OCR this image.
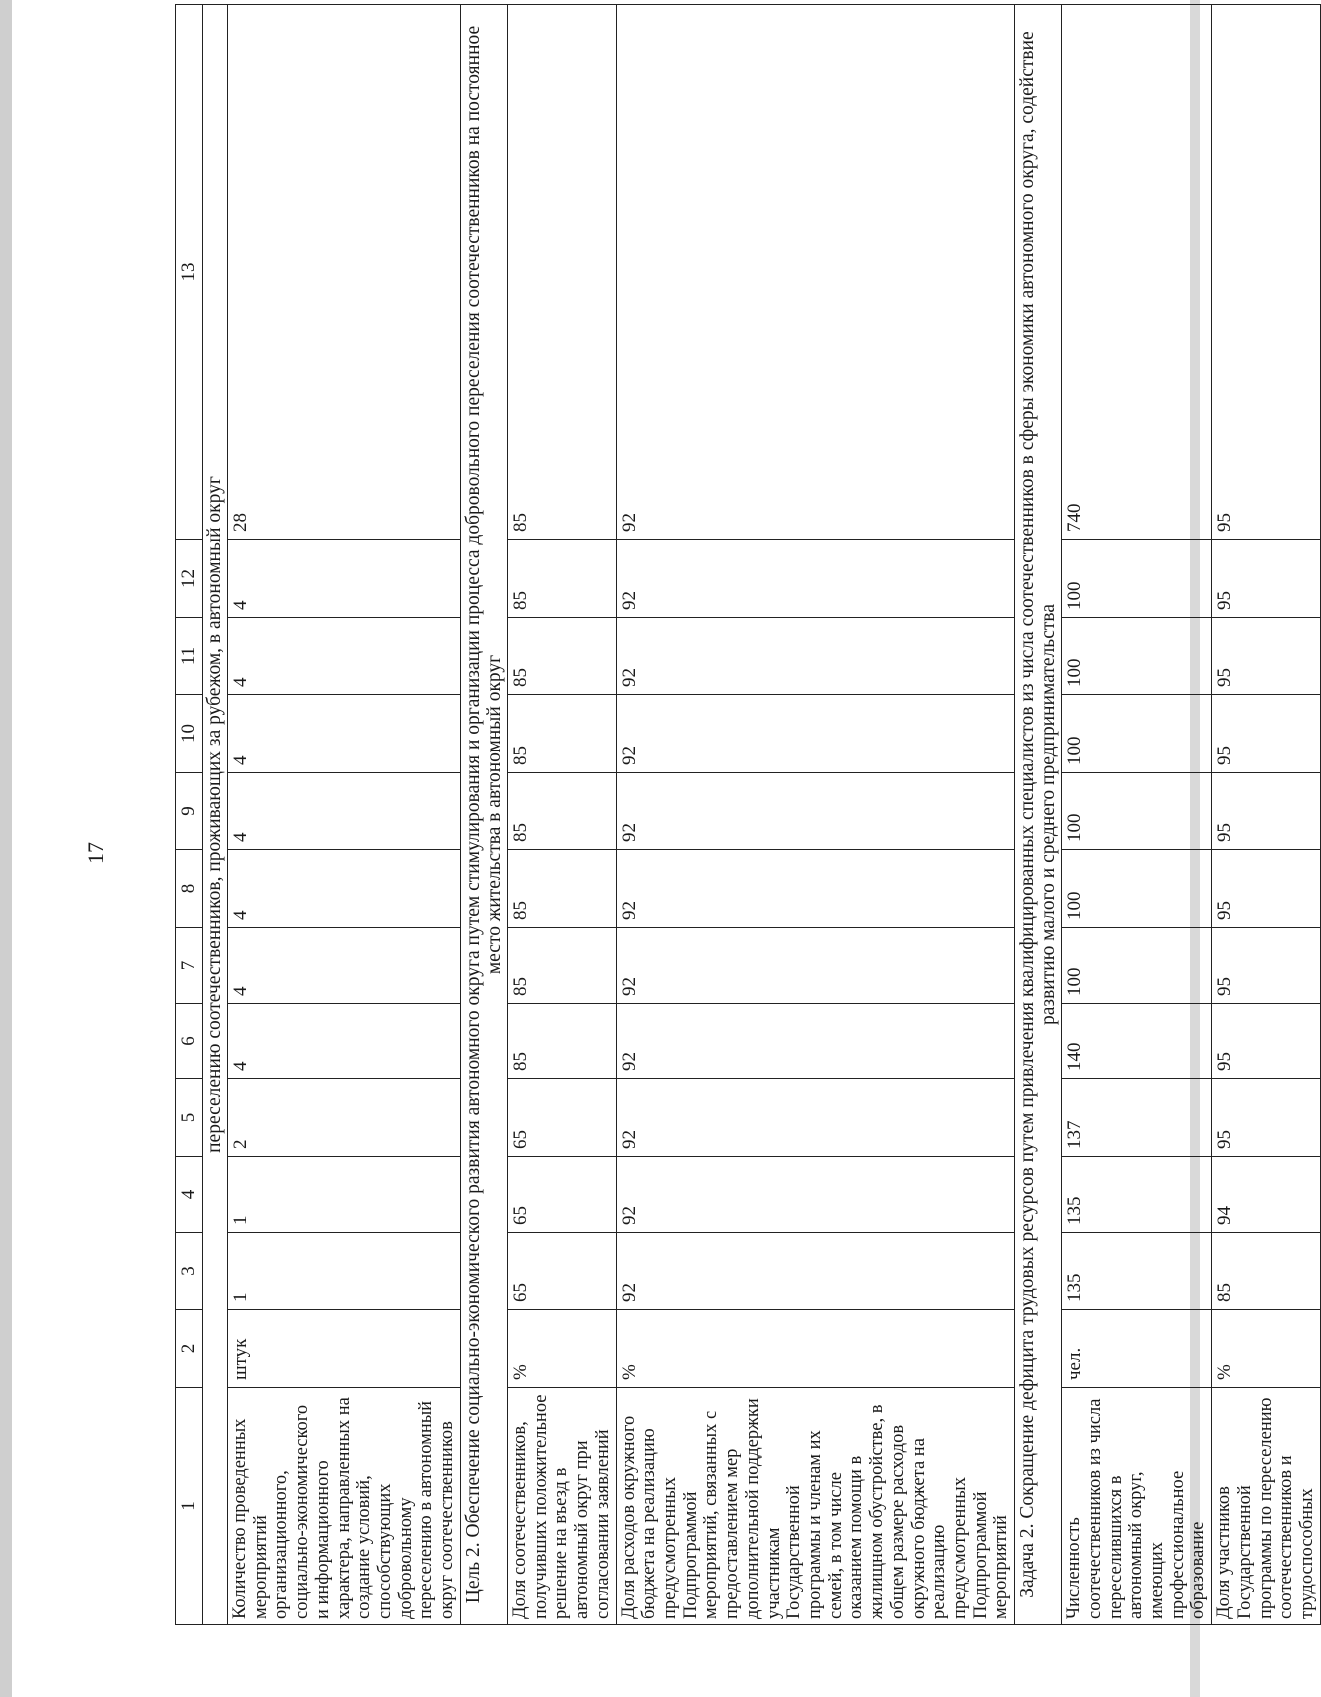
17
1	2	3	4	5	6	7	8	9	10	11	12	13
переселению соотечественников, проживающих за рубежом, в автономный округ												
Количество проведенных мероприятий организационного, социально-экономического и информационного характера, направленных на создание условий, способствующих добровольному переселению в автономный округ соотечественников	штук	1	1	2	4	4	4	4	4	4	4	28
Цель 2. Обеспечение социально-экономического развития автономного округа путем стимулирования и организации процесса добровольного переселения соотечественников на постоянное место жительства в автономный округ												
Доля соотечественников, получивших положительное решение на въезд в автономный округ при согласовании заявлений	%	65	65	65	85	85	85	85	85	85	85	85
Доля расходов окружного бюджета на реализацию предусмотренных Подпрограммой мероприятий, связанных с предоставлением мер дополнительной поддержки участникам Государственной программы и членам их семей, в том числе оказанием помощи в жилищном обустройстве, в общем размере расходов окружного бюджета на реализацию предусмотренных Подпрограммой мероприятий	%	92	92	92	92	92	92	92	92	92	92	92
Задача 2. Сокращение дефицита трудовых ресурсов путем привлечения квалифицированных специалистов из числа соотечественников в сферы экономики автономного округа, содействие развитию малого и среднего предпринимательства												
Численность соотечественников из числа переселившихся в автономный округ, имеющих профессиональное образование	чел.	135	135	137	140	100	100	100	100	100	100	740
Доля участников Государственной программы по переселению соотечественников и трудоспособных	%	85	94	95	95	95	95	95	95	95	95	95
